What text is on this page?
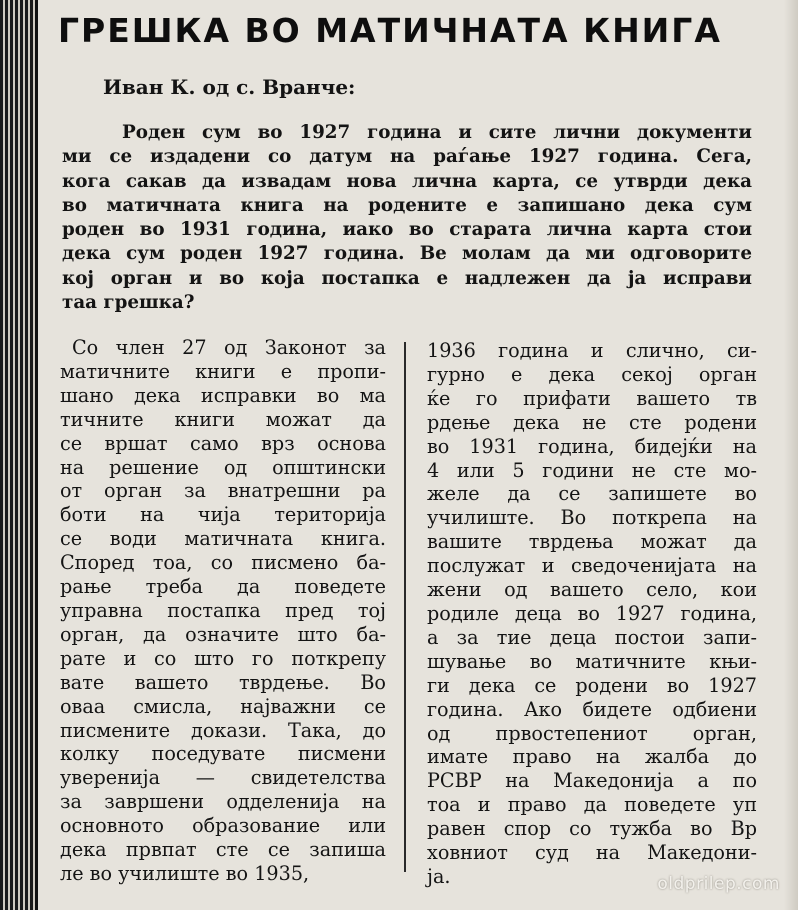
ГРЕШКА ВО МАТИЧНАТА КНИГА
Иван К. од с. Вранче:
Роден сум во 1927 година и сите лични документи
ми се издадени со датум на раѓање 1927 година. Сега,
кога сакав да извадам нова лична карта, се утврди дека
во матичната книга на родените е запишано дека сум
роден во 1931 година, иако во старата лична карта стои
дека сум роден 1927 година. Ве молам да ми одговорите
кој орган и во која постапка е надлежен да ја исправи
таа грешка?
Со член 27 од Законот за
матичните книги е пропи-
шано дека исправки во ма
тичните книги можат да
се вршат само врз основа
на решение од општински
от орган за внатрешни ра
боти на чија територија
се води матичната книга.
Според тоа, со писмено ба-
рање треба да поведете
управна постапка пред тој
орган, да означите што ба-
рате и со што го поткрепу
вате вашето тврдење. Во
оваа смисла, најважни се
писмените докази. Така, до
колку поседувате писмени
уверенија — свидетелства
за завршени одделенија на
основното образование или
дека првпат сте се запиша
ле во училиште во 1935,
1936 година и слично, си-
гурно е дека секој орган
ќе го прифати вашето тв
рдење дека не сте родени
во 1931 година, бидејќи на
4 или 5 години не сте мо-
желе да се запишете во
училиште. Во поткрепа на
вашите тврдења можат да
послужат и сведоченијата на
жени од вашето село, кои
родиле деца во 1927 година,
а за тие деца постои запи-
шување во матичните књи-
ги дека се родени во 1927
година. Ако бидете одбиени
од првостепениот орган,
имате право на жалба до
РСВР на Македонија а по
тоа и право да поведете уп
равен спор со тужба во Вр
ховниот суд на Македони-
ја.	oldprilep.com
